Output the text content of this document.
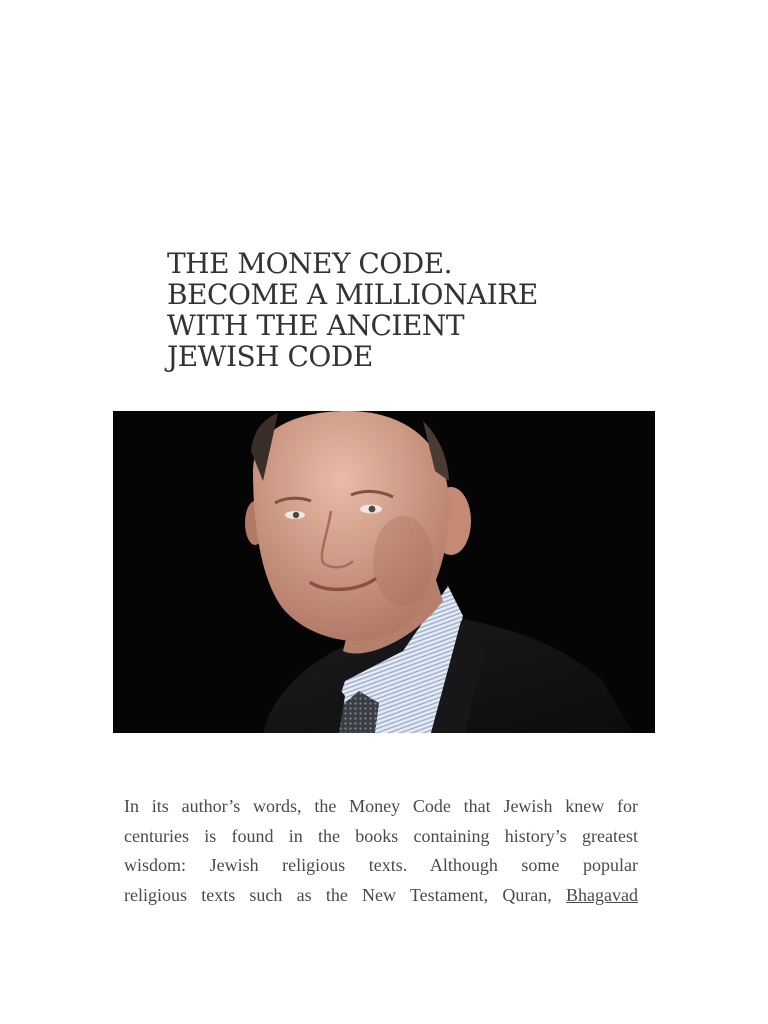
THE MONEY CODE.
BECOME A MILLIONAIRE
WITH THE ANCIENT
JEWISH CODE

In its author’s words, the Money Code that Jewish knew for
centuries is found in the books containing history’s greatest
wisdom: Jewish religious texts. Although some popular
religious texts such as the New Testament, Quran, Bhagavad
